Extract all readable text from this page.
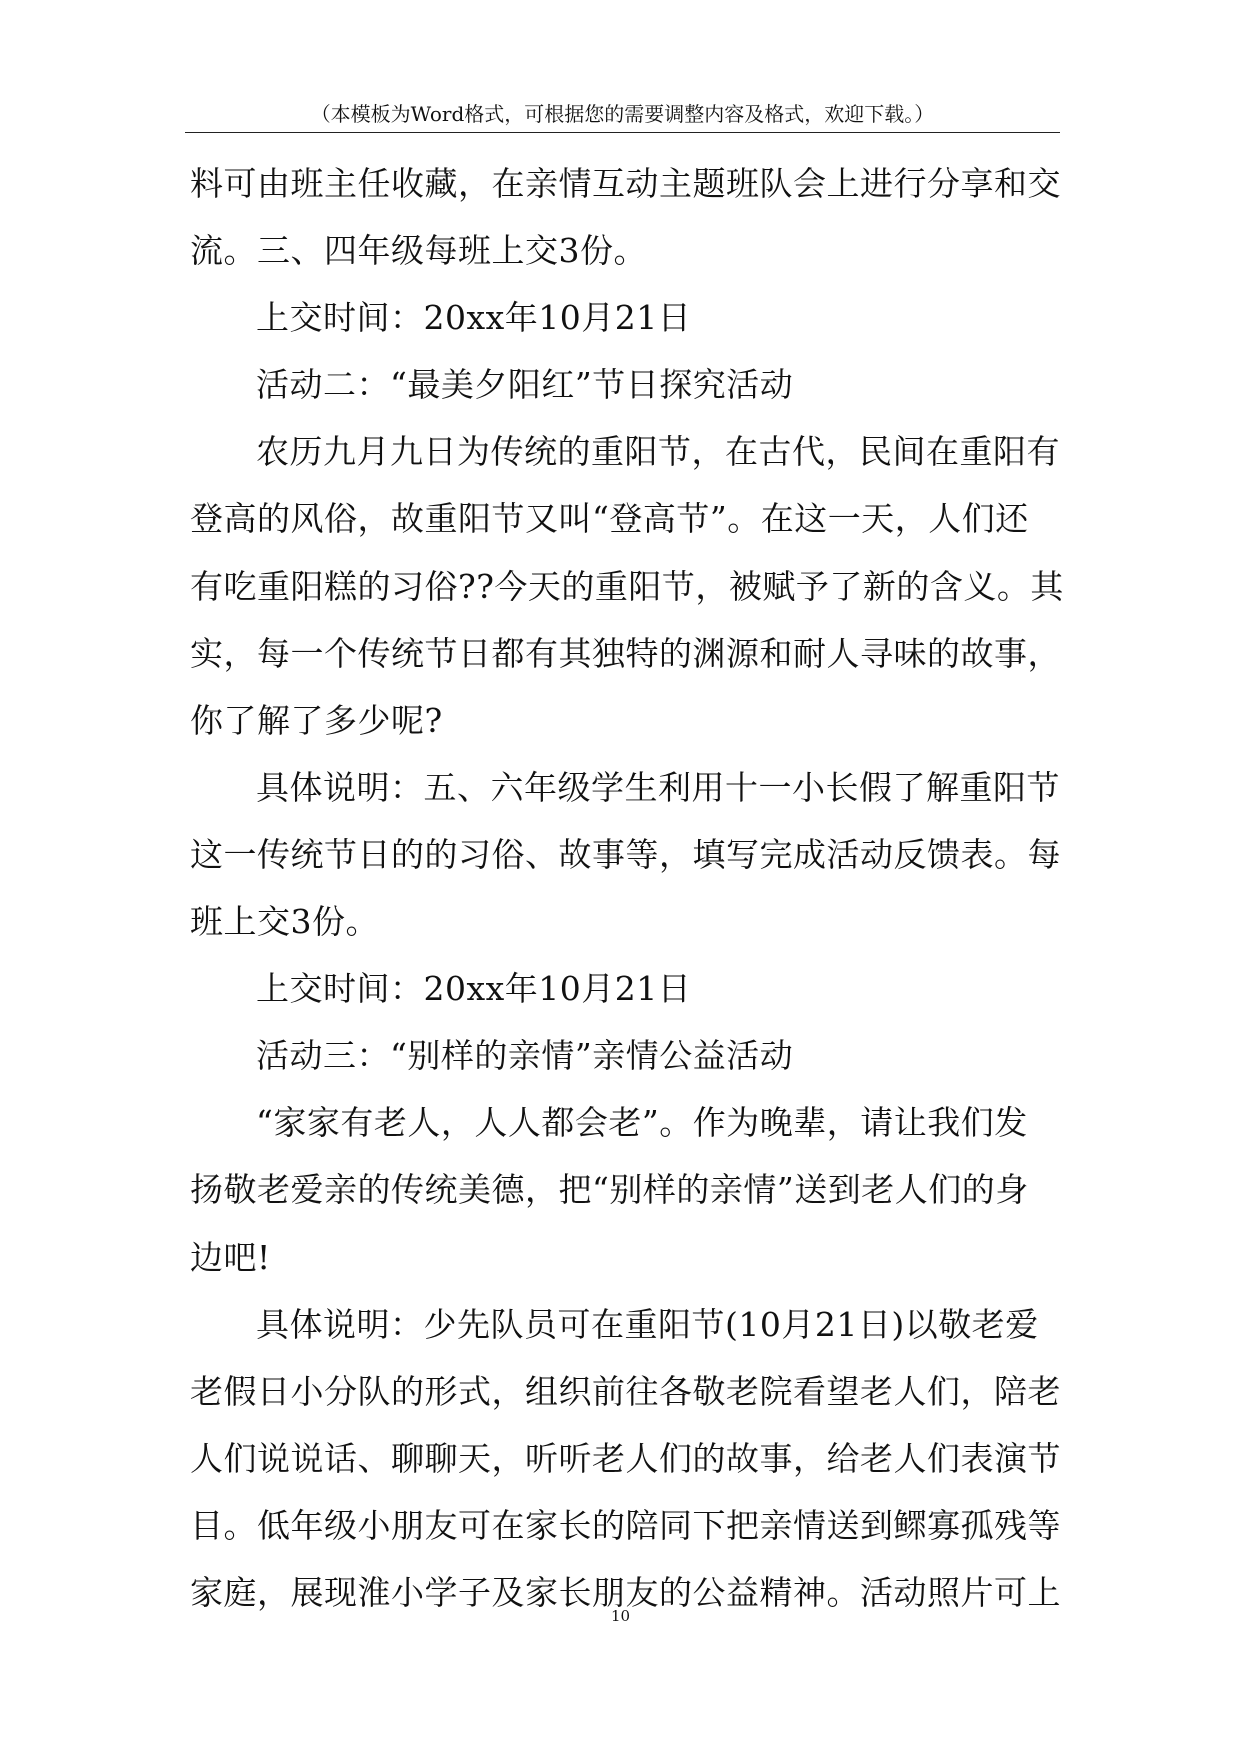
（本模板为Word格式，可根据您的需要调整内容及格式，欢迎下载。）
料可由班主任收藏，在亲情互动主题班队会上进行分享和交
流。三、四年级每班上交3份。
上交时间：20xx年10月21日
活动二：“最美夕阳红”节日探究活动
农历九月九日为传统的重阳节，在古代，民间在重阳有
登高的风俗，故重阳节又叫“登高节”。在这一天，人们还
有吃重阳糕的习俗??今天的重阳节，被赋予了新的含义。其
实，每一个传统节日都有其独特的渊源和耐人寻味的故事，
你了解了多少呢?
具体说明：五、六年级学生利用十一小长假了解重阳节
这一传统节日的的习俗、故事等，填写完成活动反馈表。每
班上交3份。
上交时间：20xx年10月21日
活动三：“别样的亲情”亲情公益活动
“家家有老人，人人都会老”。作为晚辈，请让我们发
扬敬老爱亲的传统美德，把“别样的亲情”送到老人们的身
边吧!
具体说明：少先队员可在重阳节(10月21日)以敬老爱
老假日小分队的形式，组织前往各敬老院看望老人们，陪老
人们说说话、聊聊天，听听老人们的故事，给老人们表演节
目。低年级小朋友可在家长的陪同下把亲情送到鳏寡孤残等
家庭，展现淮小学子及家长朋友的公益精神。活动照片可上
10
